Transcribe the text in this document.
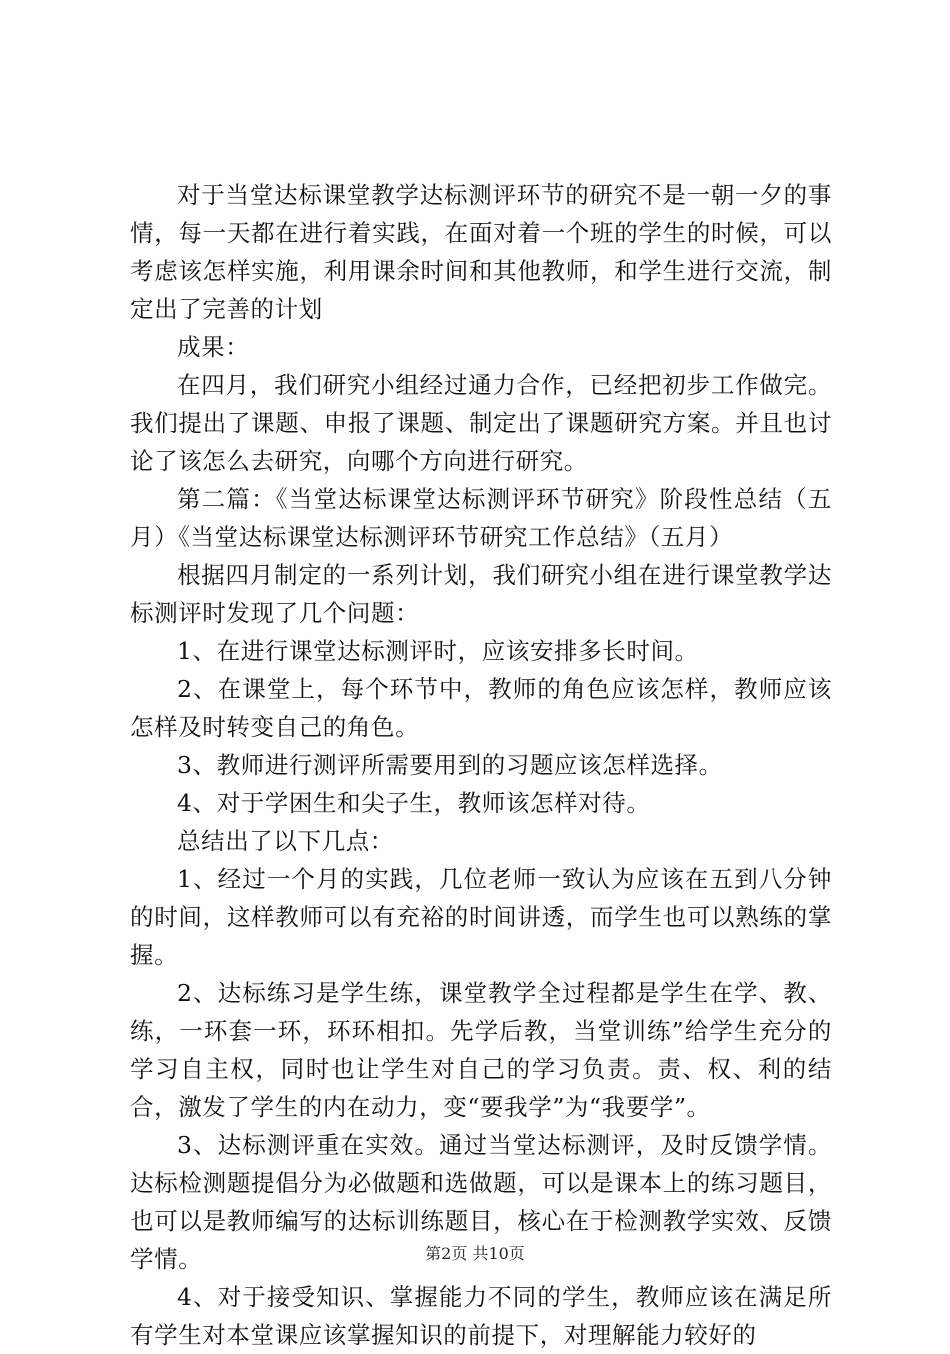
对于当堂达标课堂教学达标测评环节的研究不是一朝一夕的事情，每一天都在进行着实践，在面对着一个班的学生的时候，可以考虑该怎样实施，利用课余时间和其他教师，和学生进行交流，制定出了完善的计划

成果：

在四月，我们研究小组经过通力合作，已经把初步工作做完。我们提出了课题、申报了课题、制定出了课题研究方案。并且也讨论了该怎么去研究，向哪个方向进行研究。

第二篇：《当堂达标课堂达标测评环节研究》阶段性总结（五月）《当堂达标课堂达标测评环节研究工作总结》（五月）

根据四月制定的一系列计划，我们研究小组在进行课堂教学达标测评时发现了几个问题：

1、在进行课堂达标测评时，应该安排多长时间。

2、在课堂上，每个环节中，教师的角色应该怎样，教师应该怎样及时转变自己的角色。

3、教师进行测评所需要用到的习题应该怎样选择。

4、对于学困生和尖子生，教师该怎样对待。

总结出了以下几点：

1、经过一个月的实践，几位老师一致认为应该在五到八分钟的时间，这样教师可以有充裕的时间讲透，而学生也可以熟练的掌握。

2、达标练习是学生练，课堂教学全过程都是学生在学、教、练，一环套一环，环环相扣。先学后教，当堂训练”给学生充分的学习自主权，同时也让学生对自己的学习负责。责、权、利的结合，激发了学生的内在动力，变“要我学”为“我要学”。

3、达标测评重在实效。通过当堂达标测评，及时反馈学情。达标检测题提倡分为必做题和选做题，可以是课本上的练习题目，也可以是教师编写的达标训练题目，核心在于检测教学实效、反馈学情。

4、对于接受知识、掌握能力不同的学生，教师应该在满足所有学生对本堂课应该掌握知识的前提下，对理解能力较好的

第2页 共10页
